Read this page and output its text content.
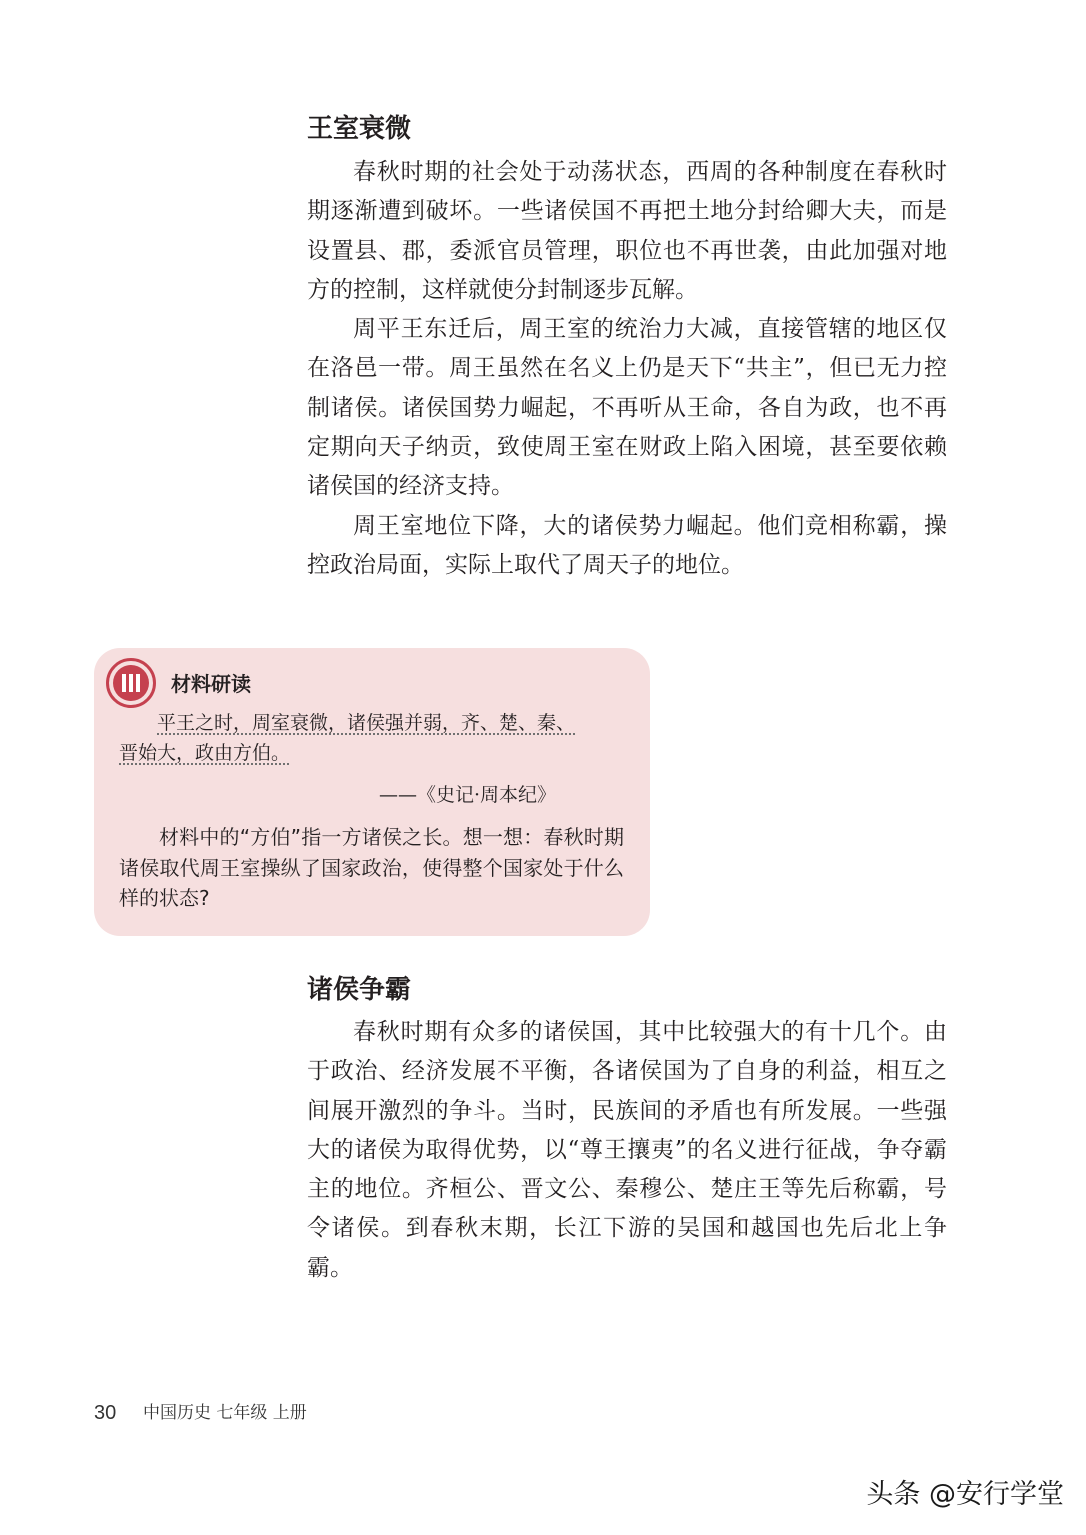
王室衰微

春秋时期的社会处于动荡状态，西周的各种制度在春秋时期逐渐遭到破坏。一些诸侯国不再把土地分封给卿大夫，而是设置县、郡，委派官员管理，职位也不再世袭，由此加强对地方的控制，这样就使分封制逐步瓦解。

周平王东迁后，周王室的统治力大减，直接管辖的地区仅在洛邑一带。周王虽然在名义上仍是天下“共主”，但已无力控制诸侯。诸侯国势力崛起，不再听从王命，各自为政，也不再定期向天子纳贡，致使周王室在财政上陷入困境，甚至要依赖诸侯国的经济支持。

周王室地位下降，大的诸侯势力崛起。他们竞相称霸，操控政治局面，实际上取代了周天子的地位。

材料研读
平王之时，周室衰微，诸侯强并弱，齐、楚、秦、
晋始大，政由方伯。
——《史记·周本纪》

材料中的“方伯”指一方诸侯之长。想一想：春秋时期诸侯取代周王室操纵了国家政治，使得整个国家处于什么样的状态?

诸侯争霸

春秋时期有众多的诸侯国，其中比较强大的有十几个。由于政治、经济发展不平衡，各诸侯国为了自身的利益，相互之间展开激烈的争斗。当时，民族间的矛盾也有所发展。一些强大的诸侯为取得优势，以“尊王攘夷”的名义进行征战，争夺霸主的地位。齐桓公、晋文公、秦穆公、楚庄王等先后称霸，号令诸侯。到春秋末期，长江下游的吴国和越国也先后北上争霸。

30 中国历史 七年级 上册
头条 @安行学堂
